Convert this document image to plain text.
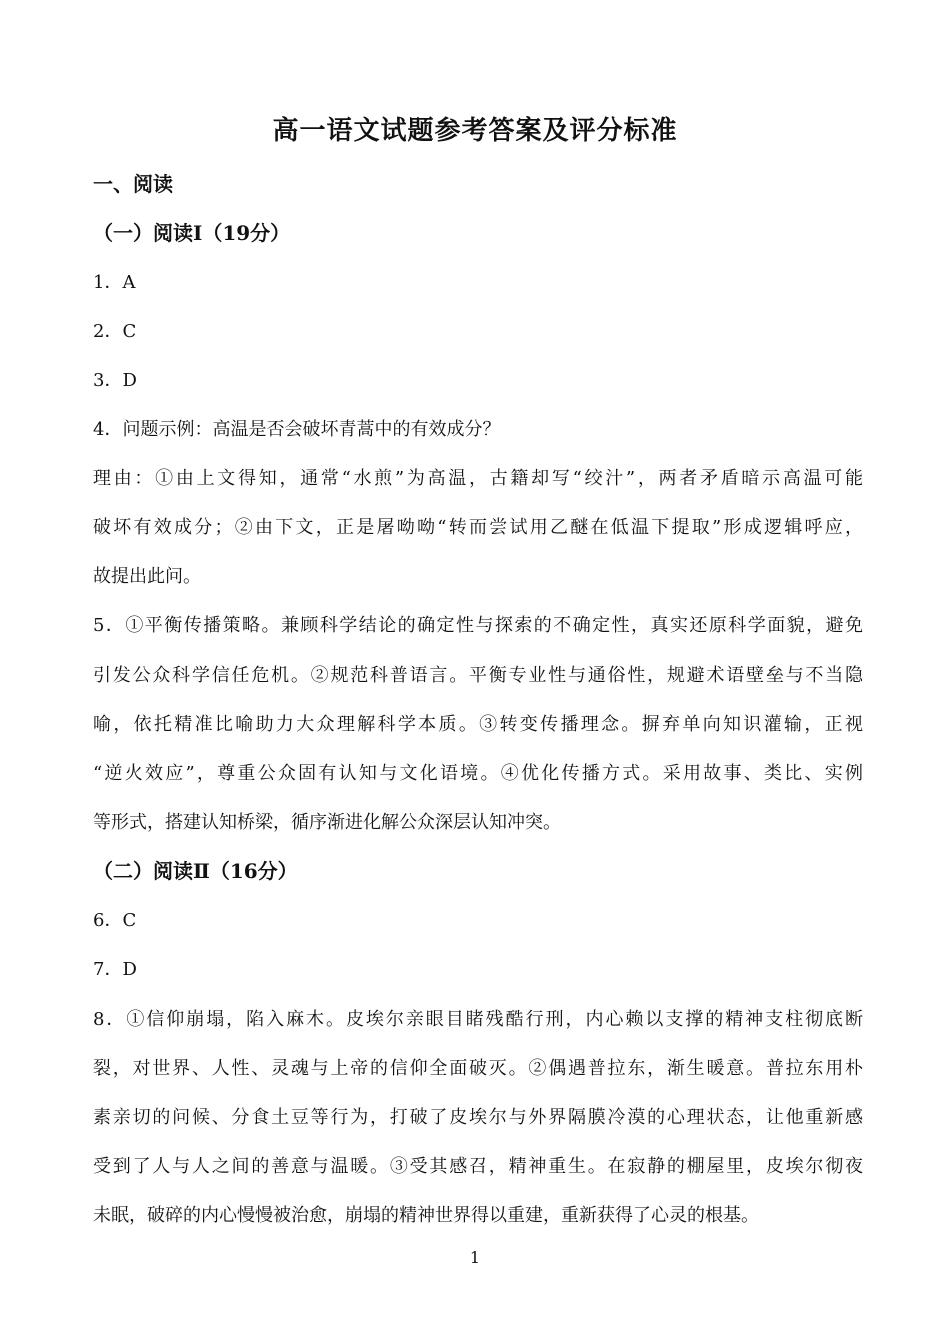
高一语文试题参考答案及评分标准
一、阅读
（一）阅读Ⅰ（19分）
1．A
2．C
3．D
4．问题示例：高温是否会破坏青蒿中的有效成分？
理由：①由上文得知，通常“水煎”为高温，古籍却写“绞汁”，两者矛盾暗示高温可能
破坏有效成分；②由下文，正是屠呦呦“转而尝试用乙醚在低温下提取”形成逻辑呼应，
故提出此问。
5．①平衡传播策略。兼顾科学结论的确定性与探索的不确定性，真实还原科学面貌，避免
引发公众科学信任危机。②规范科普语言。平衡专业性与通俗性，规避术语壁垒与不当隐
喻，依托精准比喻助力大众理解科学本质。③转变传播理念。摒弃单向知识灌输，正视
“逆火效应”，尊重公众固有认知与文化语境。④优化传播方式。采用故事、类比、实例
等形式，搭建认知桥梁，循序渐进化解公众深层认知冲突。
（二）阅读Ⅱ（16分）
6．C
7．D
8．①信仰崩塌，陷入麻木。皮埃尔亲眼目睹残酷行刑，内心赖以支撑的精神支柱彻底断
裂，对世界、人性、灵魂与上帝的信仰全面破灭。②偶遇普拉东，渐生暖意。普拉东用朴
素亲切的问候、分食土豆等行为，打破了皮埃尔与外界隔膜冷漠的心理状态，让他重新感
受到了人与人之间的善意与温暖。③受其感召，精神重生。在寂静的棚屋里，皮埃尔彻夜
未眠，破碎的内心慢慢被治愈，崩塌的精神世界得以重建，重新获得了心灵的根基。
1
